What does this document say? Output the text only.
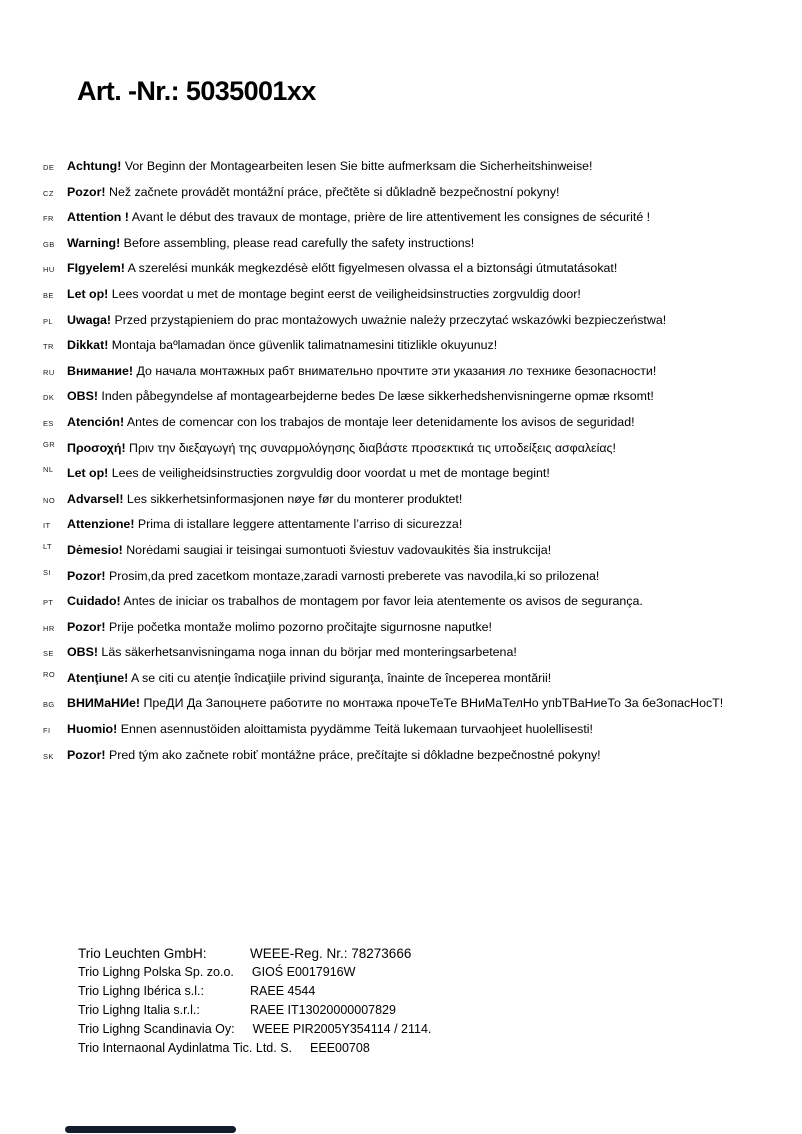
Art. -Nr.: 5035001xx
DE	Achtung! Vor Beginn der Montagearbeiten lesen Sie bitte aufmerksam die Sicherheitshinweise!
CZ	Pozor! Než začnete provádět montážní práce, přečtěte si důkladně bezpečnostní pokyny!
FR	Attention ! Avant le début des travaux de montage, prière de lire attentivement les consignes de sécurité !
GB Warning! Before assembling, please read carefully the safety instructions!
HU FIgyelem! A szerelési munkák megkezdésè előtt figyelmesen olvassa el a biztonsági útmutatásokat!
BE	Let op! Lees voordat u met de montage begint eerst de veiligheidsinstructies zorgvuldig door!
PL	Uwaga! Przed przystąpieniem do prac montażowych uważnie należy przeczytać wskazówki bezpieczeństwa!
TR	Dikkat! Montaja baºlamadan önce güvenlik talimatnamesini titizlikle okuyunuz!
RU Внимание! До начала монтажных рабт внимательно прочтите эти указания ло технике безопасности!
DK	OBS! Inden påbegyndelse af montagearbejderne bedes De læse sikkerhedshenvisningerne opmæ rksomt!
ES	Atención! Antes de comencar con los trabajos de montaje leer detenidamente los avisos de seguridad!
GR Προσοχή! Πριν την διεξαγωγή της συναρμολόγησης διαβάστε προσεκτικά τις υποδείξεις ασφαλείας!
NL	Let op! Lees de veiligheidsinstructies zorgvuldig door voordat u met de montage begint!
NO Advarsel! Les sikkerhetsinformasjonen nøye før du monterer produktet!
IT	Attenzione! Prima di istallare leggere attentamente l’arriso di sicurezza!
LT	Dėmesio! Norėdami saugiai ir teisingai sumontuoti šviestuv vadovaukitės šia instrukcija!
SI	Pozor! Prosim,da pred zacetkom montaze,zaradi varnosti preberete vas navodila,ki so prilozena!
PT	Cuidado! Antes de iniciar os trabalhos de montagem por favor leia atentemente os avisos de segurança.
HR Pozor! Prije početka montaže molimo pozorno pročitajte sigurnosne naputke!
SE	OBS! Läs säkerhetsanvisningama noga innan du börjar med monteringsarbetena!
RO Atenţiune! A se citi cu atenţie îndicaţiile privind siguranţa, înainte de începerea montării!
BG ВНИМаНИе! ПреДИ Да Запоцнете работите по монтажа прочеТеТе ВНиМаТелНо упbТВаНиеТо За беЗопасНосТ!
FI	Huomio! Ennen asennustöiden aloittamista pyydämme Teitä lukemaan turvaohjeet huolellisesti!
SK	Pozor! Pred tým ako začnete robiť montážne práce, prečítajte si dôkladne bezpečnostné pokyny!
Trio Leuchten GmbH:	WEEE-Reg. Nr.: 78273666
Trio Lighng Polska Sp. zo.o.	GIOŚ E0017916W
Trio Lighng Ibérica s.l.:	RAEE 4544
Trio Lighng Italia s.r.l.:	RAEE IT13020000007829
Trio Lighng Scandinavia Oy:	WEEE PIR2005Y354114 / 2114.
Trio Internaonal Aydinlatma Tic. Ltd. S.	EEE00708
